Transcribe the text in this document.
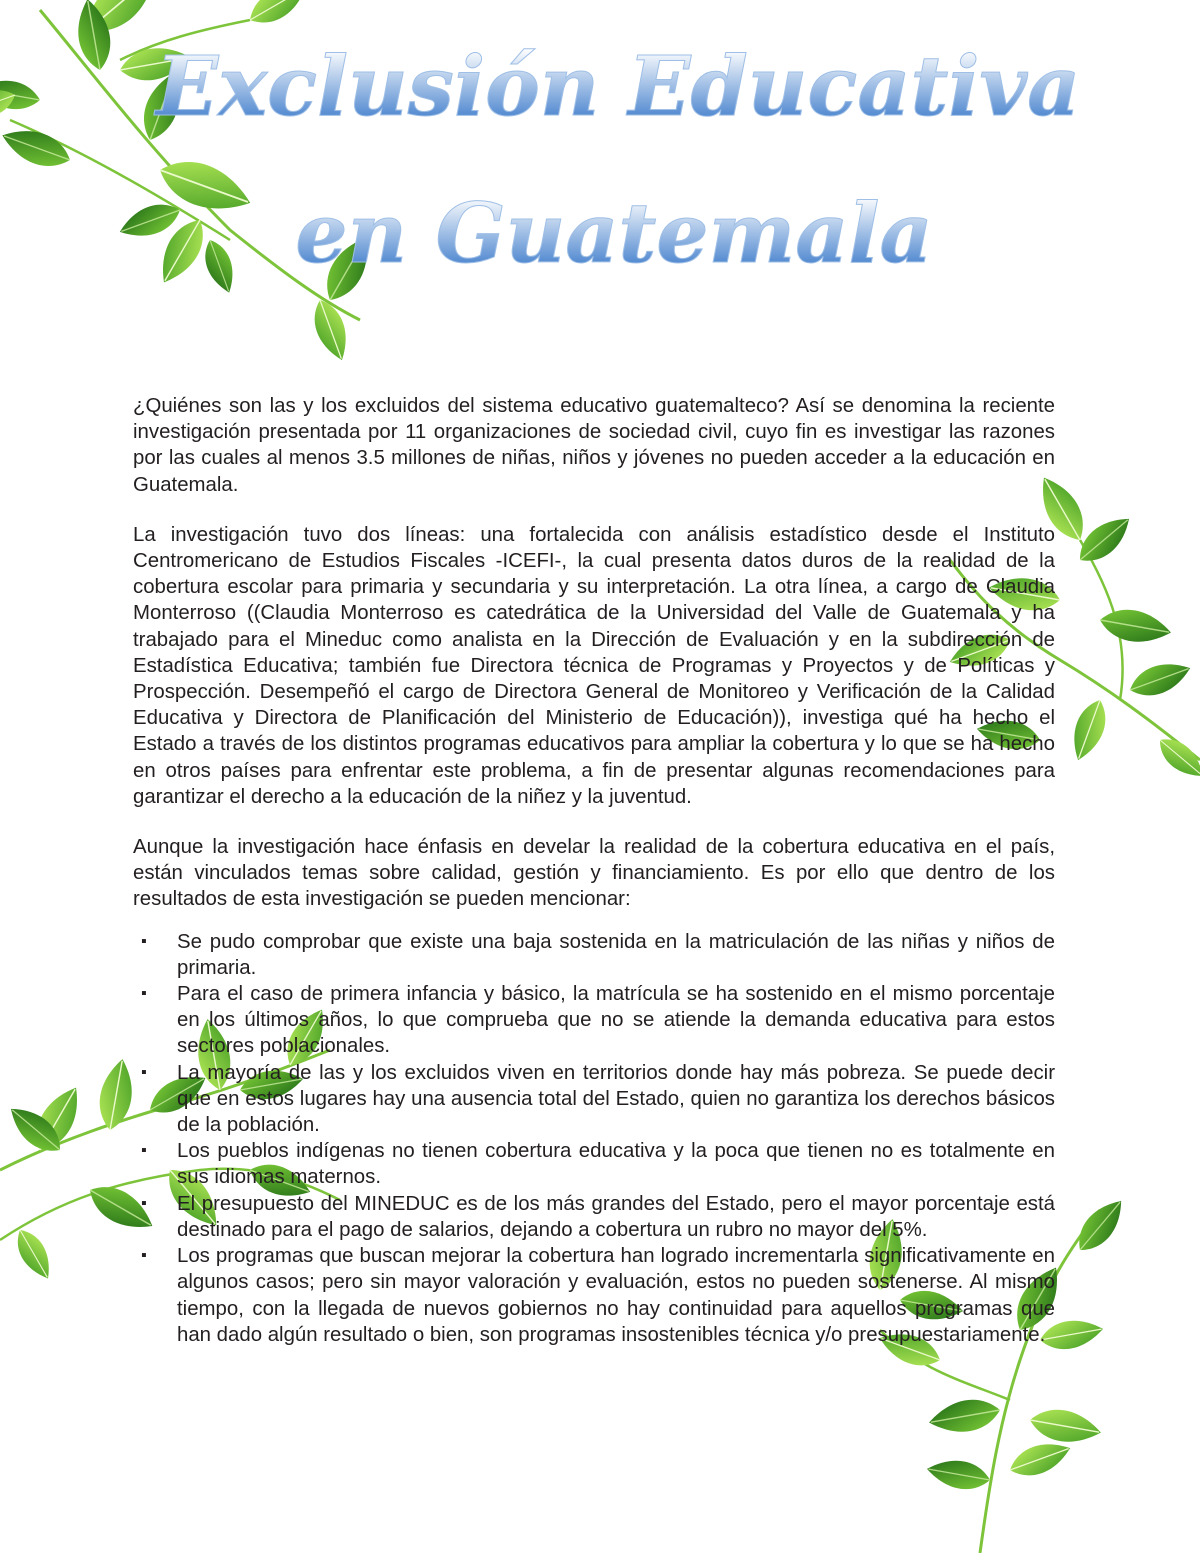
Exclusión Educativa
en Guatemala

¿Quiénes son las y los excluidos del sistema educativo guatemalteco? Así se denomina la reciente investigación presentada por 11 organizaciones de sociedad civil, cuyo fin es investigar las razones por las cuales al menos 3.5 millones de niñas, niños y jóvenes no pueden acceder a la educación en Guatemala.

La investigación tuvo dos líneas: una fortalecida con análisis estadístico desde el Instituto Centromericano de Estudios Fiscales -ICEFI-, la cual presenta datos duros de la realidad de la cobertura escolar para primaria y secundaria y su interpretación. La otra línea, a cargo de Claudia Monterroso ((Claudia Monterroso es catedrática de la Universidad del Valle de Guatemala y ha trabajado para el Mineduc como analista en la Dirección de Evaluación y en la subdirección de Estadística Educativa; también fue Directora técnica de Programas y Proyectos y de Políticas y Prospección. Desempeñó el cargo de Directora General de Monitoreo y Verificación de la Calidad Educativa y Directora de Planificación del Ministerio de Educación)), investiga qué ha hecho el Estado a través de los distintos programas educativos para ampliar la cobertura y lo que se ha hecho en otros países para enfrentar este problema, a fin de presentar algunas recomendaciones para garantizar el derecho a la educación de la niñez y la juventud.

Aunque la investigación hace énfasis en develar la realidad de la cobertura educativa en el país, están vinculados temas sobre calidad, gestión y financiamiento. Es por ello que dentro de los resultados de esta investigación se pueden mencionar:

▪ Se pudo comprobar que existe una baja sostenida en la matriculación de las niñas y niños de primaria.
▪ Para el caso de primera infancia y básico, la matrícula se ha sostenido en el mismo porcentaje en los últimos años, lo que comprueba que no se atiende la demanda educativa para estos sectores poblacionales.
▪ La mayoría de las y los excluidos viven en territorios donde hay más pobreza. Se puede decir que en estos lugares hay una ausencia total del Estado, quien no garantiza los derechos básicos de la población.
▪ Los pueblos indígenas no tienen cobertura educativa y la poca que tienen no es totalmente en sus idiomas maternos.
▪ El presupuesto del MINEDUC es de los más grandes del Estado, pero el mayor porcentaje está destinado para el pago de salarios, dejando a cobertura un rubro no mayor del 5%.
▪ Los programas que buscan mejorar la cobertura han logrado incrementarla significativamente en algunos casos; pero sin mayor valoración y evaluación, estos no pueden sostenerse. Al mismo tiempo, con la llegada de nuevos gobiernos no hay continuidad para aquellos programas que han dado algún resultado o bien, son programas insostenibles técnica y/o presupuestariamente.
